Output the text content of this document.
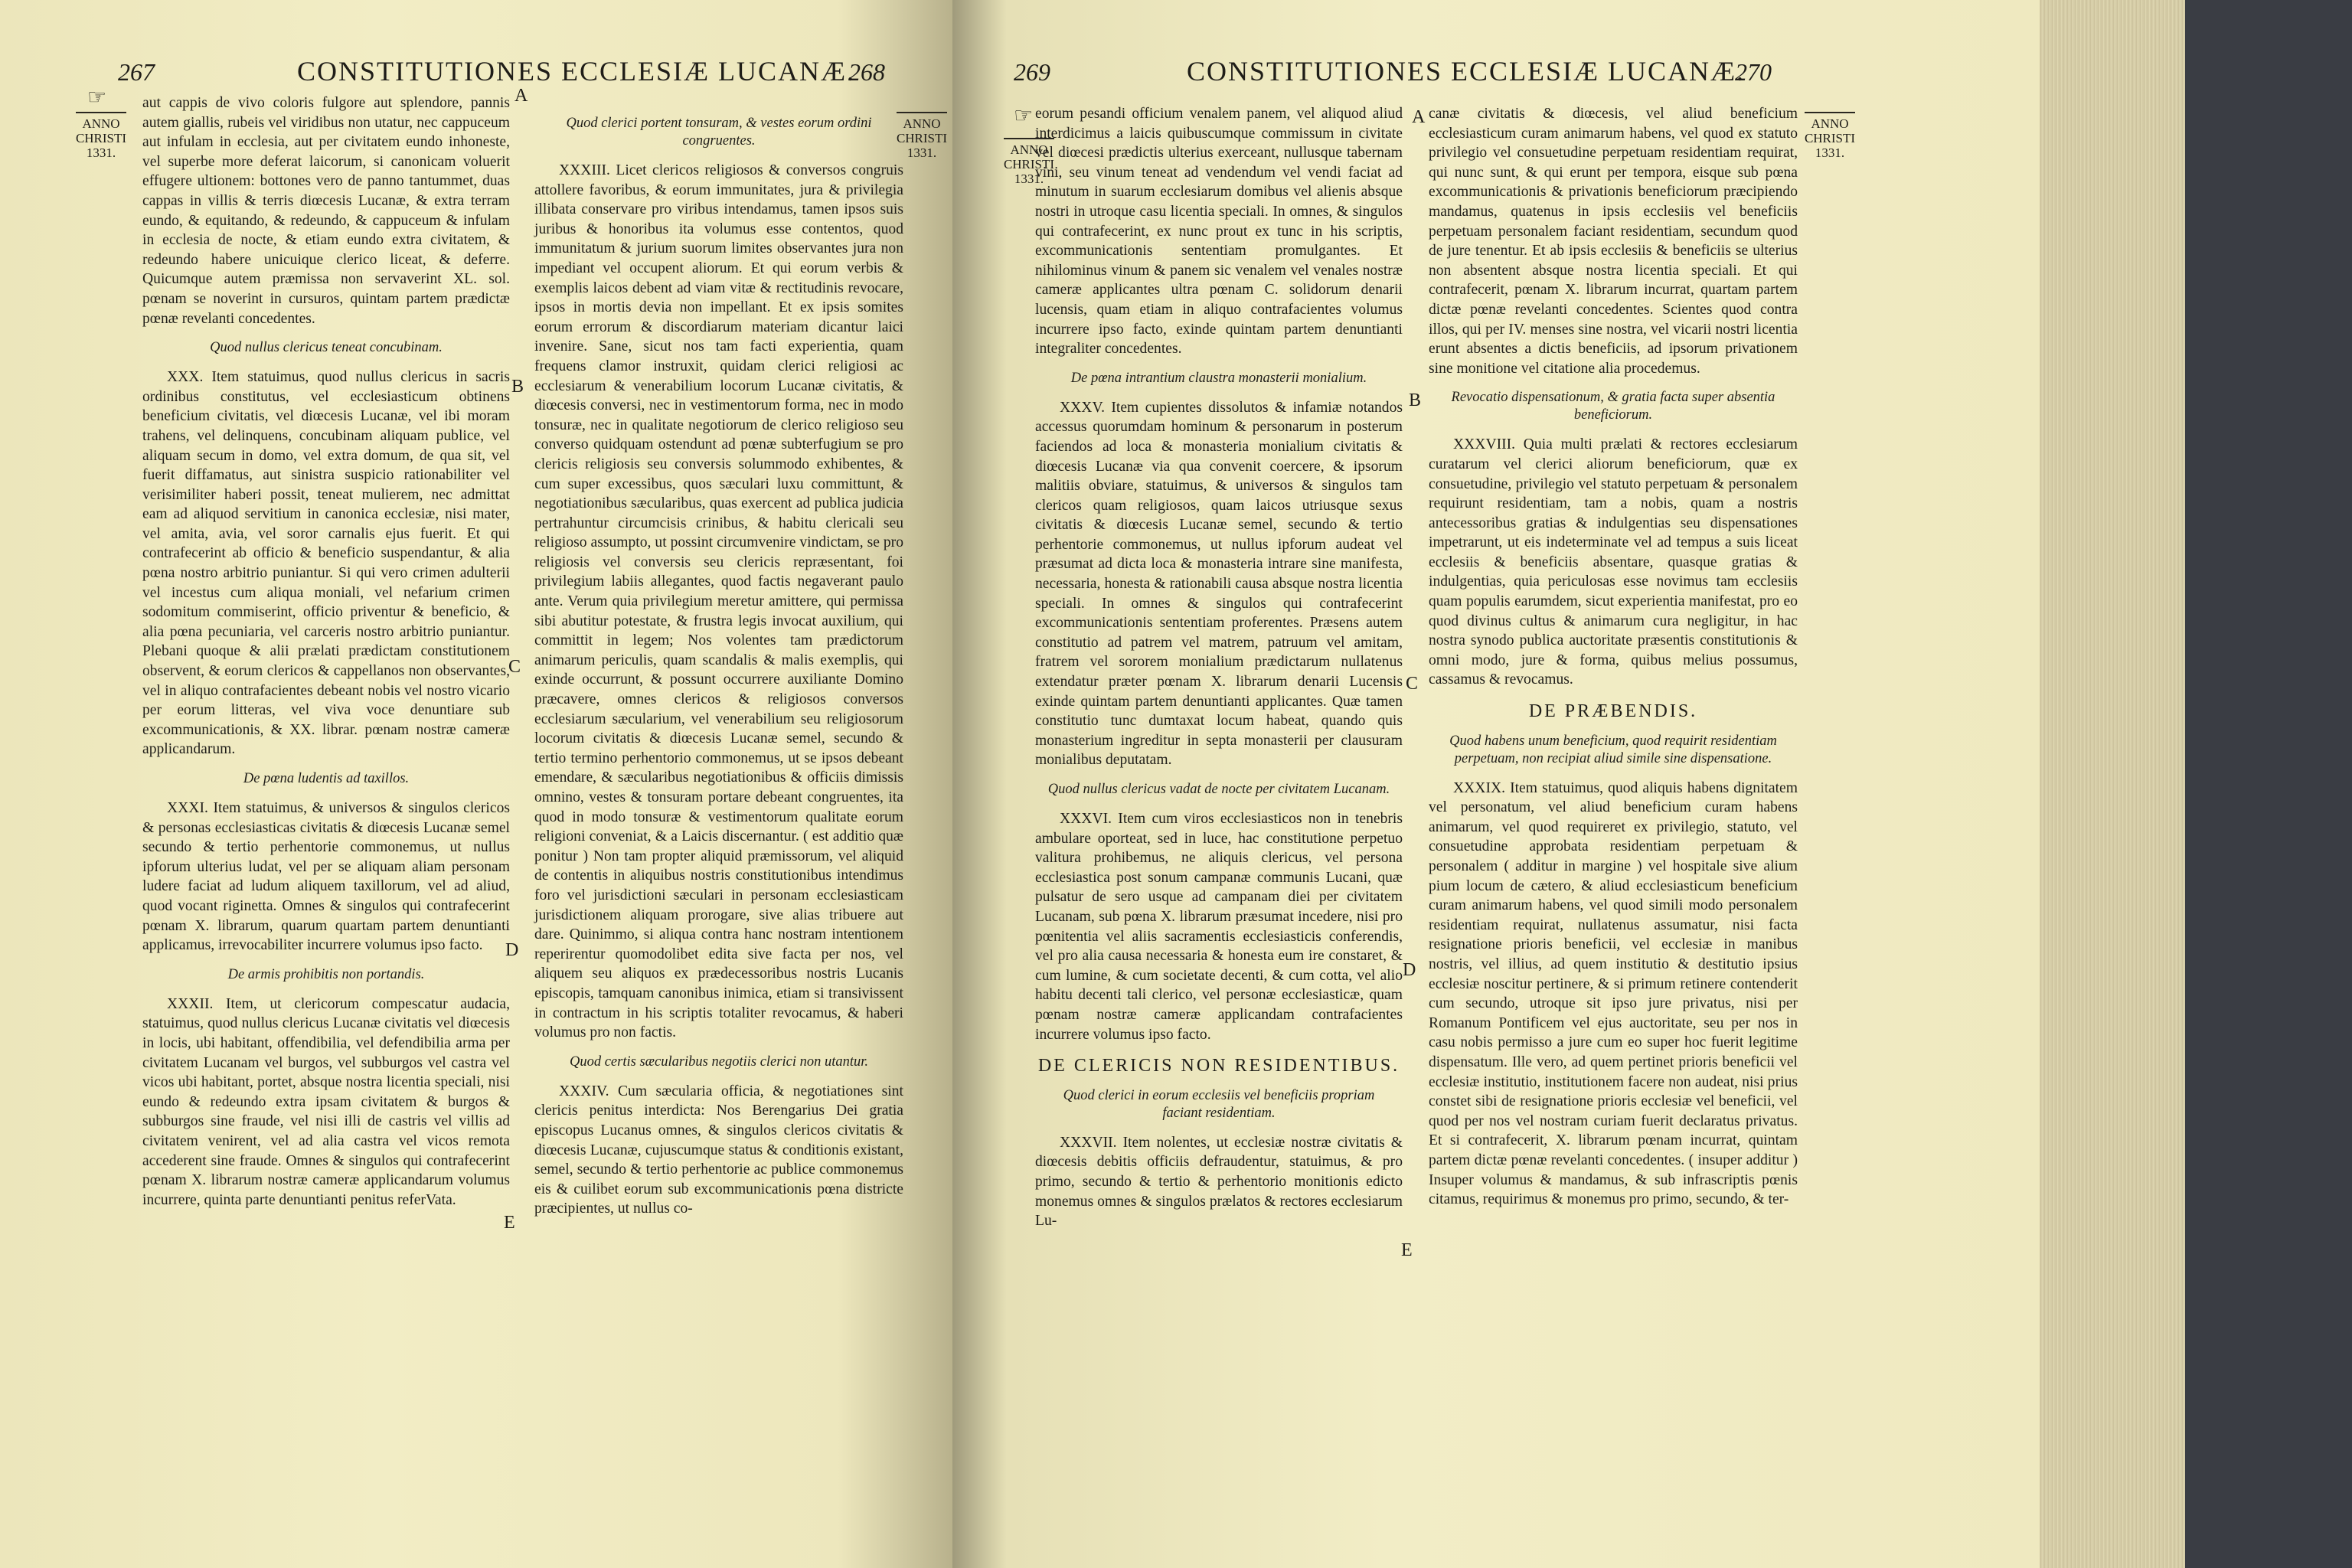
267	CONSTITUTIONES ECCLESIÆ LUCANÆ.
268
☞
ANNO
CHRISTI
1331.
ANNO
CHRISTI
1331.
A
B
C
D
E

aut cappis de vivo coloris fulgore aut splendore, pannis autem giallis, rubeis vel viridibus non utatur, nec cappuceum aut infulam in ecclesia, aut per civitatem eundo inhoneste, vel superbe more deferat laicorum, si canonicam voluerit effugere ultionem: bottones vero de panno tantummet, duas cappas in villis & terris diœcesis Lucanæ, & extra terram eundo, & equitando, & redeundo, & cappuceum & infulam in ecclesia de nocte, & etiam eundo extra civitatem, & redeundo habere unicuique clerico liceat, & deferre. Quicumque autem præmissa non servaverint XL. sol. pœnam se noverint in cursuros, quintam partem prædictæ pœnæ revelanti concedentes.

Quod nullus clericus teneat concubinam.

XXX. Item statuimus, quod nullus clericus in sacris ordinibus constitutus, vel ecclesiasticum obtinens beneficium civitatis, vel diœcesis Lucanæ, vel ibi moram trahens, vel delinquens, concubinam aliquam publice, vel aliquam secum in domo, vel extra domum, de qua sit, vel fuerit diffamatus, aut sinistra suspicio rationabiliter vel verisimiliter haberi possit, teneat mulierem, nec admittat eam ad aliquod servitium in canonica ecclesiæ, nisi mater, vel amita, avia, vel soror carnalis ejus fuerit. Et qui contrafecerint ab officio & beneficio suspendantur, & alia pœna nostro arbitrio puniantur. Si qui vero crimen adulterii vel incestus cum aliqua moniali, vel nefarium crimen sodomitum commiserint, officio priventur & beneficio, & alia pœna pecuniaria, vel carceris nostro arbitrio puniantur. Plebani quoque & alii prælati prædictam constitutionem observent, & eorum clericos & cappellanos non observantes, vel in aliquo contrafacientes debeant nobis vel nostro vicario per eorum litteras, vel viva voce denuntiare sub excommunicationis, & XX. librar. pœnam nostræ cameræ applicandarum.

De pœna ludentis ad taxillos.

XXXI. Item statuimus, & universos & singulos clericos & personas ecclesiasticas civitatis & diœcesis Lucanæ semel secundo & tertio perhentorie commonemus, ut nullus ipforum ulterius ludat, vel per se aliquam aliam personam ludere faciat ad ludum aliquem taxillorum, vel ad aliud, quod vocant riginetta. Omnes & singulos qui contrafecerint pœnam X. librarum, quarum quartam partem denuntianti applicamus, irrevocabiliter incurrere volumus ipso facto.

De armis prohibitis non portandis.

XXXII. Item, ut clericorum compescatur audacia, statuimus, quod nullus clericus Lucanæ civitatis vel diœcesis in locis, ubi habitant, offendibilia, vel defendibilia arma per civitatem Lucanam vel burgos, vel subburgos vel castra vel vicos ubi habitant, portet, absque nostra licentia speciali, nisi eundo & redeundo extra ipsam civitatem & burgos & subburgos sine fraude, vel nisi illi de castris vel villis ad civitatem venirent, vel ad alia castra vel vicos remota accederent sine fraude. Omnes & singulos qui contrafecerint pœnam X. librarum nostræ cameræ applicandarum volumus incurrere, quinta parte denuntianti penitus referVata.

Quod clerici portent tonsuram, & vestes eorum ordini congruentes.

XXXIII. Licet clericos religiosos & conversos congruis attollere favoribus, & eorum immunitates, jura & privilegia illibata conservare pro viribus intendamus, tamen ipsos suis juribus & honoribus ita volumus esse contentos, quod immunitatum & jurium suorum limites observantes jura non impediant vel occupent aliorum. Et qui eorum verbis & exemplis laicos debent ad viam vitæ & rectitudinis revocare, ipsos in mortis devia non impellant. Et ex ipsis somites eorum errorum & discordiarum materiam dicantur laici invenire. Sane, sicut nos tam facti experientia, quam frequens clamor instruxit, quidam clerici religiosi ac ecclesiarum & venerabilium locorum Lucanæ civitatis, & diœcesis conversi, nec in vestimentorum forma, nec in modo tonsuræ, nec in qualitate negotiorum de clerico religioso seu converso quidquam ostendunt ad pœnæ subterfugium se pro clericis religiosis seu conversis solummodo exhibentes, & cum super excessibus, quos sæculari luxu committunt, & negotiationibus sæcularibus, quas exercent ad publica judicia pertrahuntur circumcisis crinibus, & habitu clericali seu religioso assumpto, ut possint circumvenire vindictam, se pro religiosis vel conversis seu clericis repræsentant, foi privilegium labiis allegantes, quod factis negaverant paulo ante. Verum quia privilegium meretur amittere, qui permissa sibi abutitur potestate, & frustra legis invocat auxilium, qui committit in legem; Nos volentes tam prædictorum animarum periculis, quam scandalis & malis exemplis, qui exinde occurrunt, & possunt occurrere auxiliante Domino præcavere, omnes clericos & religiosos conversos ecclesiarum sæcularium, vel venerabilium seu religiosorum locorum civitatis & diœcesis Lucanæ semel, secundo & tertio termino perhentorio commonemus, ut se ipsos debeant emendare, & sæcularibus negotiationibus & officiis dimissis omnino, vestes & tonsuram portare debeant congruentes, ita quod in modo tonsuræ & vestimentorum qualitate eorum religioni conveniat, & a Laicis discernantur. ( est additio quæ ponitur ) Non tam propter aliquid præmissorum, vel aliquid de contentis in aliquibus nostris constitutionibus intendimus foro vel jurisdictioni sæculari in personam ecclesiasticam jurisdictionem aliquam prorogare, sive alias tribuere aut dare. Quinimmo, si aliqua contra hanc nostram intentionem reperirentur quomodolibet edita sive facta per nos, vel aliquem seu aliquos ex prædecessoribus nostris Lucanis episcopis, tamquam canonibus inimica, etiam si transivissent in contractum in his scriptis totaliter revocamus, & haberi volumus pro non factis.

Quod certis sæcularibus negotiis clerici non utantur.

XXXIV. Cum sæcularia officia, & negotiationes sint clericis penitus interdicta: Nos Berengarius Dei gratia episcopus Lucanus omnes, & singulos clericos civitatis & diœcesis Lucanæ, cujuscumque status & conditionis existant, semel, secundo & tertio perhentorie ac publice commonemus eis & cuilibet eorum sub excommunicationis pœna districte præcipientes, ut nullus co-

269	CONSTITUTIONES ECCLESIÆ LUCANÆ.
270
☞
ANNO
CHRISTI
1331.
ANNO
CHRISTI
1331.
A
B
C
D
E

eorum pesandi officium venalem panem, vel aliquod aliud interdicimus a laicis quibuscumque commissum in civitate vel diœcesi prædictis ulterius exerceant, nullusque tabernam vini, seu vinum teneat ad vendendum vel vendi faciat ad minutum in suarum ecclesiarum domibus vel alienis absque nostri in utroque casu licentia speciali. In omnes, & singulos qui contrafecerint, ex nunc prout ex tunc in his scriptis, excommunicationis sententiam promulgantes. Et nihilominus vinum & panem sic venalem vel venales nostræ cameræ applicantes ultra pœnam C. solidorum denarii lucensis, quam etiam in aliquo contrafacientes volumus incurrere ipso facto, exinde quintam partem denuntianti integraliter concedentes.

De pœna intrantium claustra monasterii monialium.

XXXV. Item cupientes dissolutos & infamiæ notandos accessus quorumdam hominum & personarum in posterum faciendos ad loca & monasteria monialium civitatis & diœcesis Lucanæ via qua convenit coercere, & ipsorum malitiis obviare, statuimus, & universos & singulos tam clericos quam religiosos, quam laicos utriusque sexus civitatis & diœcesis Lucanæ semel, secundo & tertio perhentorie commonemus, ut nullus ipforum audeat vel præsumat ad dicta loca & monasteria intrare sine manifesta, necessaria, honesta & rationabili causa absque nostra licentia speciali. In omnes & singulos qui contrafecerint excommunicationis sententiam proferentes. Præsens autem constitutio ad patrem vel matrem, patruum vel amitam, fratrem vel sororem monialium prædictarum nullatenus extendatur præter pœnam X. librarum denarii Lucensis exinde quintam partem denuntianti applicantes. Quæ tamen constitutio tunc dumtaxat locum habeat, quando quis monasterium ingreditur in septa monasterii per clausuram monialibus deputatam.

Quod nullus clericus vadat de nocte per civitatem Lucanam.

XXXVI. Item cum viros ecclesiasticos non in tenebris ambulare oporteat, sed in luce, hac constitutione perpetuo valitura prohibemus, ne aliquis clericus, vel persona ecclesiastica post sonum campanæ communis Lucani, quæ pulsatur de sero usque ad campanam diei per civitatem Lucanam, sub pœna X. librarum præsumat incedere, nisi pro pœnitentia vel aliis sacramentis ecclesiasticis conferendis, vel pro alia causa necessaria & honesta eum ire constaret, & cum lumine, & cum societate decenti, & cum cotta, vel alio habitu decenti tali clerico, vel personæ ecclesiasticæ, quam pœnam nostræ cameræ applicandam contrafacientes incurrere volumus ipso facto.

DE CLERICIS NON RESIDENTIBUS.

Quod clerici in eorum ecclesiis vel beneficiis propriam faciant residentiam.

XXXVII. Item nolentes, ut ecclesiæ nostræ civitatis & diœcesis debitis officiis defraudentur, statuimus, & pro primo, secundo & tertio & perhentorio monitionis edicto monemus omnes & singulos prælatos & rectores ecclesiarum Lu-

canæ civitatis & diœcesis, vel aliud beneficium ecclesiasticum curam animarum habens, vel quod ex statuto privilegio vel consuetudine perpetuam residentiam requirat, qui nunc sunt, & qui erunt per tempora, eisque sub pœna excommunicationis & privationis beneficiorum præcipiendo mandamus, quatenus in ipsis ecclesiis vel beneficiis perpetuam personalem faciant residentiam, secundum quod de jure tenentur. Et ab ipsis ecclesiis & beneficiis se ulterius non absentent absque nostra licentia speciali. Et qui contrafecerit, pœnam X. librarum incurrat, quartam partem dictæ pœnæ revelanti concedentes. Scientes quod contra illos, qui per IV. menses sine nostra, vel vicarii nostri licentia erunt absentes a dictis beneficiis, ad ipsorum privationem sine monitione vel citatione alia procedemus.

Revocatio dispensationum, & gratia facta super absentia beneficiorum.

XXXVIII. Quia multi prælati & rectores ecclesiarum curatarum vel clerici aliorum beneficiorum, quæ ex consuetudine, privilegio vel statuto perpetuam & personalem requirunt residentiam, tam a nobis, quam a nostris antecessoribus gratias & indulgentias seu dispensationes impetrarunt, ut eis indeterminate vel ad tempus a suis liceat ecclesiis & beneficiis absentare, quasque gratias & indulgentias, quia periculosas esse novimus tam ecclesiis quam populis earumdem, sicut experientia manifestat, pro eo quod divinus cultus & animarum cura negligitur, in hac nostra synodo publica auctoritate præsentis constitutionis & omni modo, jure & forma, quibus melius possumus, cassamus & revocamus.

DE PRÆBENDIS.

Quod habens unum beneficium, quod requirit residentiam perpetuam, non recipiat aliud simile sine dispensatione.

XXXIX. Item statuimus, quod aliquis habens dignitatem vel personatum, vel aliud beneficium curam habens animarum, vel quod requireret ex privilegio, statuto, vel consuetudine approbata residentiam perpetuam & personalem ( additur in margine ) vel hospitale sive alium pium locum de cætero, & aliud ecclesiasticum beneficium curam animarum habens, vel quod simili modo personalem residentiam requirat, nullatenus assumatur, nisi facta resignatione prioris beneficii, vel ecclesiæ in manibus nostris, vel illius, ad quem institutio & destitutio ipsius ecclesiæ noscitur pertinere, & si primum retinere contenderit cum secundo, utroque sit ipso jure privatus, nisi per Romanum Pontificem vel ejus auctoritate, seu per nos in casu nobis permisso a jure cum eo super hoc fuerit legitime dispensatum. Ille vero, ad quem pertinet prioris beneficii vel ecclesiæ institutio, institutionem facere non audeat, nisi prius constet sibi de resignatione prioris ecclesiæ vel beneficii, vel quod per nos vel nostram curiam fuerit declaratus privatus. Et si contrafecerit, X. librarum pœnam incurrat, quintam partem dictæ pœnæ revelanti concedentes. ( insuper additur ) Insuper volumus & mandamus, & sub infrascriptis pœnis citamus, requirimus & monemus pro primo, secundo, & ter-
